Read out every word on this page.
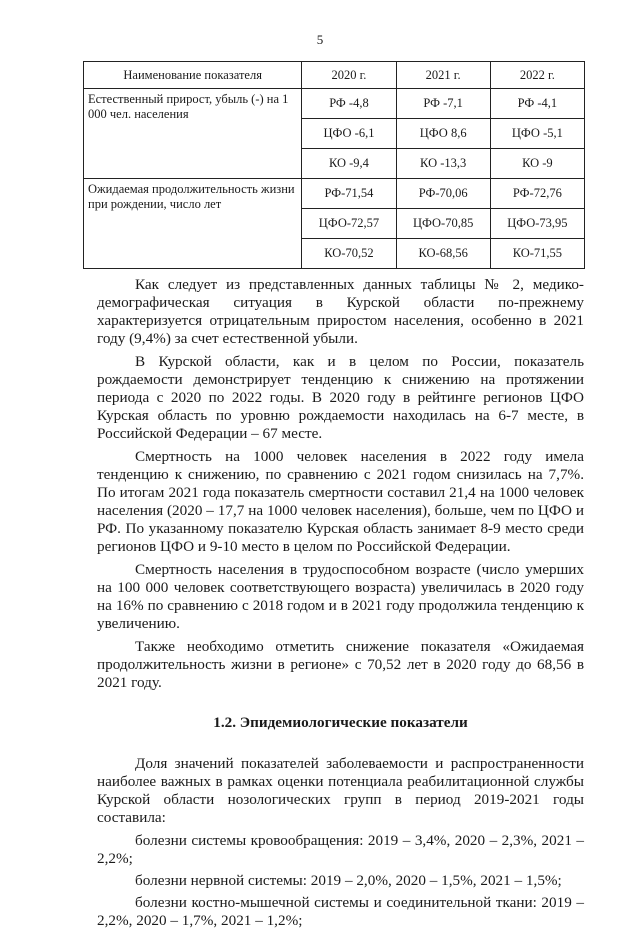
5
Наименование показателя	2020 г.	2021 г.	2022 г.
Естественный прирост, убыль (-) на 1 000 чел. населения	РФ -4,8	РФ -7,1	РФ -4,1
	ЦФО -6,1	ЦФО 8,6	ЦФО -5,1
	КО -9,4	КО -13,3	КО -9
Ожидаемая продолжительность жизни при рождении, число лет	РФ-71,54	РФ-70,06	РФ-72,76
	ЦФО-72,57	ЦФО-70,85	ЦФО-73,95
	КО-70,52	КО-68,56	КО-71,55

Как следует из представленных данных таблицы № 2, медико-демографическая ситуация в Курской области по-прежнему характеризуется отрицательным приростом населения, особенно в 2021 году (9,4%) за счет естественной убыли.

В Курской области, как и в целом по России, показатель рождаемости демонстрирует тенденцию к снижению на протяжении периода с 2020 по 2022 годы. В 2020 году в рейтинге регионов ЦФО Курская область по уровню рождаемости находилась на 6-7 месте, в Российской Федерации – 67 месте.

Смертность на 1000 человек населения в 2022 году имела тенденцию к снижению, по сравнению с 2021 годом снизилась на 7,7%. По итогам 2021 года показатель смертности составил 21,4 на 1000 человек населения (2020 – 17,7 на 1000 человек населения), больше, чем по ЦФО и РФ. По указанному показателю Курская область занимает 8-9 место среди регионов ЦФО и 9-10 место в целом по Российской Федерации.

Смертность населения в трудоспособном возрасте (число умерших на 100 000 человек соответствующего возраста) увеличилась в 2020 году на 16% по сравнению с 2018 годом и в 2021 году продолжила тенденцию к увеличению.

Также необходимо отметить снижение показателя «Ожидаемая продолжительность жизни в регионе» с 70,52 лет в 2020 году до 68,56 в 2021 году.

1.2. Эпидемиологические показатели

Доля значений показателей заболеваемости и распространенности наиболее важных в рамках оценки потенциала реабилитационной службы Курской области нозологических групп в период 2019-2021 годы составила:

болезни системы кровообращения: 2019 – 3,4%, 2020 – 2,3%, 2021 – 2,2%;

болезни нервной системы: 2019 – 2,0%, 2020 – 1,5%, 2021 – 1,5%;

болезни костно-мышечной системы и соединительной ткани: 2019 – 2,2%, 2020 – 1,7%, 2021 – 1,2%;
